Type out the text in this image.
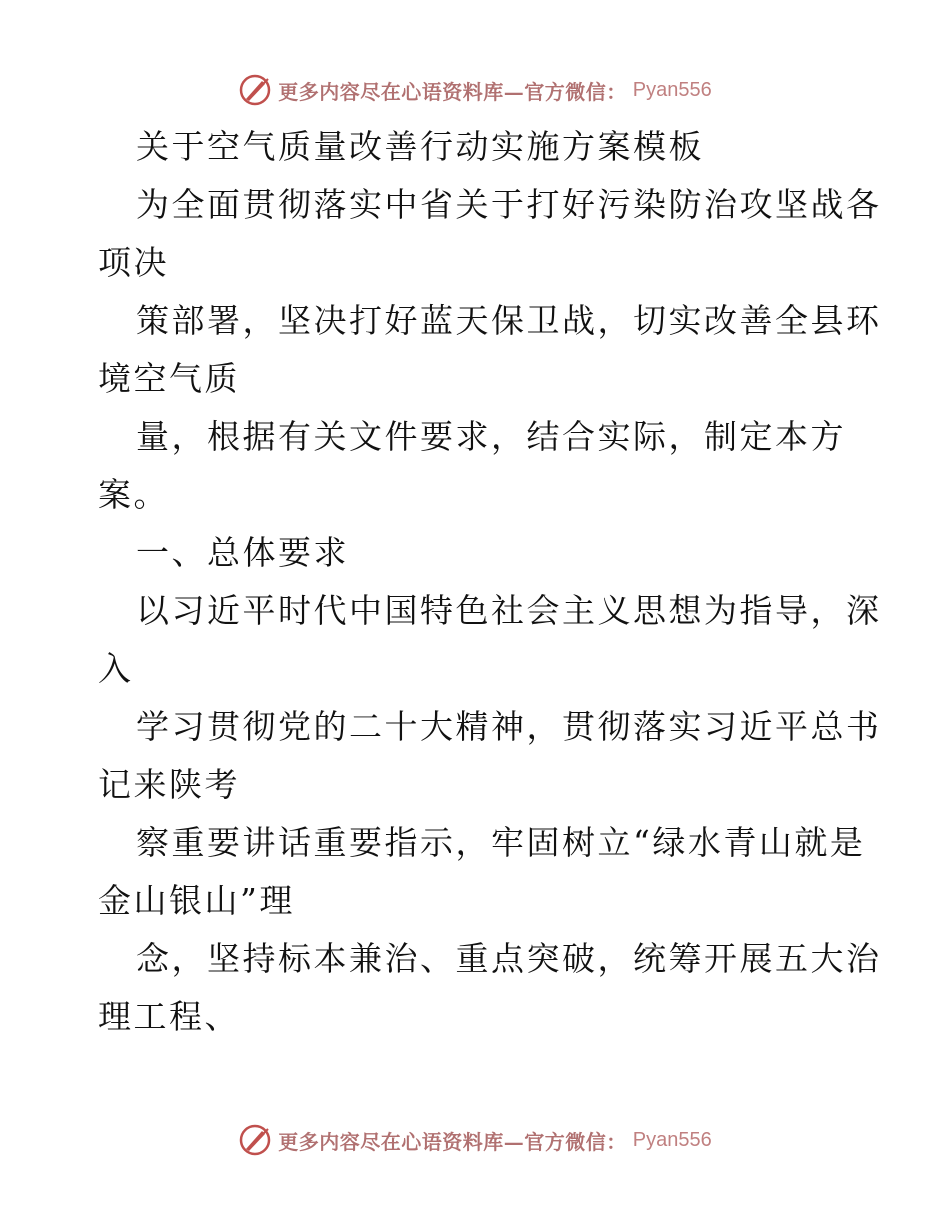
更多内容尽在心语资料库—官方微信： Pyan556
关于空气质量改善行动实施方案模板
为全面贯彻落实中省关于打好污染防治攻坚战各
项决
策部署，坚决打好蓝天保卫战，切实改善全县环
境空气质
量，根据有关文件要求，结合实际，制定本方
案。
一、总体要求
以习近平时代中国特色社会主义思想为指导，深
入
学习贯彻党的二十大精神，贯彻落实习近平总书
记来陕考
察重要讲话重要指示，牢固树立“绿水青山就是
金山银山”理
念，坚持标本兼治、重点突破，统筹开展五大治
理工程、
更多内容尽在心语资料库—官方微信： Pyan556
